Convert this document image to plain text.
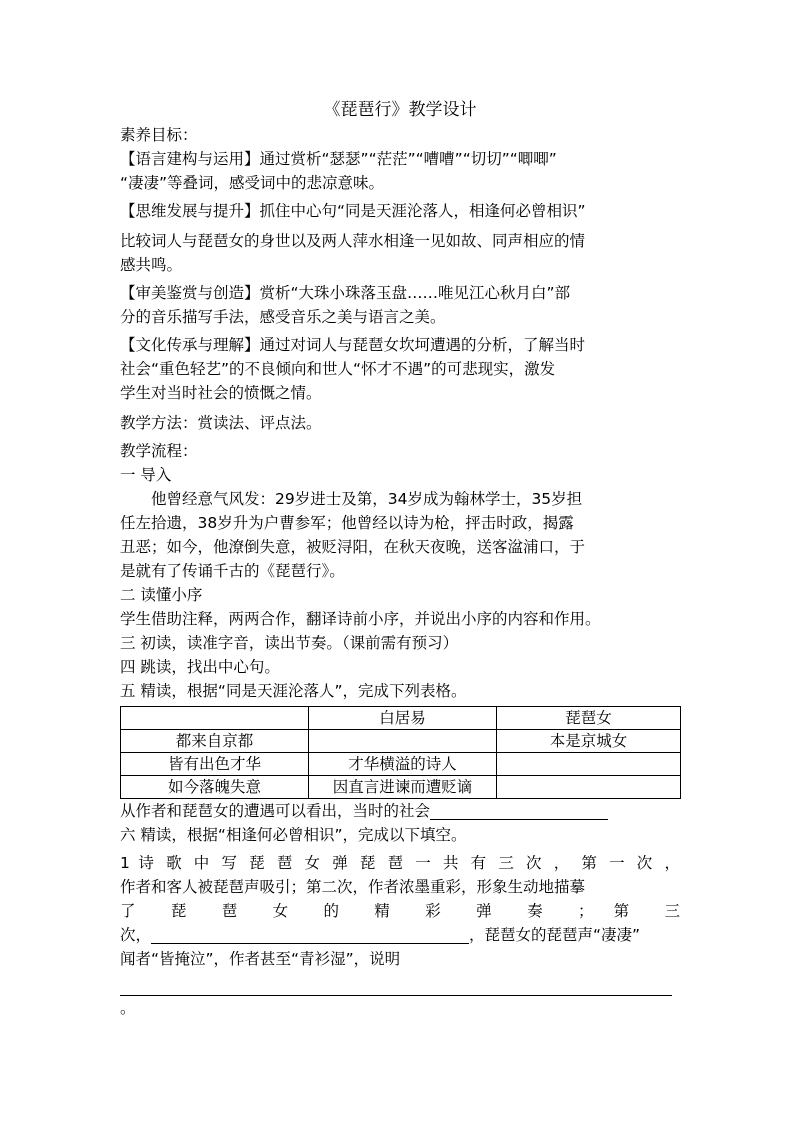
《琵琶行》教学设计

素养目标：

【语言建构与运用】通过赏析“瑟瑟”“茫茫”“嘈嘈”“切切”“唧唧”

“凄凄”等叠词，感受词中的悲凉意味。

【思维发展与提升】抓住中心句“同是天涯沦落人，相逢何必曾相识”

比较词人与琵琶女的身世以及两人萍水相逢一见如故、同声相应的情

感共鸣。

【审美鉴赏与创造】赏析“大珠小珠落玉盘……唯见江心秋月白”部

分的音乐描写手法，感受音乐之美与语言之美。

【文化传承与理解】通过对词人与琵琶女坎坷遭遇的分析，了解当时

社会“重色轻艺”的不良倾向和世人“怀才不遇”的可悲现实，激发

学生对当时社会的愤慨之情。

教学方法：赏读法、评点法。

教学流程：

一 导入

他曾经意气风发：29岁进士及第，34岁成为翰林学士，35岁担

任左拾遗，38岁升为户曹参军；他曾经以诗为枪，抨击时政，揭露

丑恶；如今，他潦倒失意，被贬浔阳，在秋天夜晚，送客湓浦口，于

是就有了传诵千古的《琵琶行》。

二 读懂小序

学生借助注释，两两合作，翻译诗前小序，并说出小序的内容和作用。

三 初读，读准字音，读出节奏。（课前需有预习）

四 跳读，找出中心句。

五 精读，根据“同是天涯沦落人”，完成下列表格。

	白居易	琵琶女
都来自京都		本是京城女
皆有出色才华	才华横溢的诗人	
如今落魄失意	因直言进谏而遭贬谪	

从作者和琵琶女的遭遇可以看出，当时的社会

六 精读，根据“相逢何必曾相识”，完成以下填空。

1 诗 歌 中 写 琵 琶 女 弹 琵 琶 一 共 有 三 次 ， 第 一 次 ，

作者和客人被琵琶声吸引；第二次，作者浓墨重彩，形象生动地描摹

了 琵 琶 女 的 精 彩 弹 奏 ； 第 三

次，	，琵琶女的琵琶声“凄凄”

闻者“皆掩泣”，作者甚至“青衫湿”，说明

。
